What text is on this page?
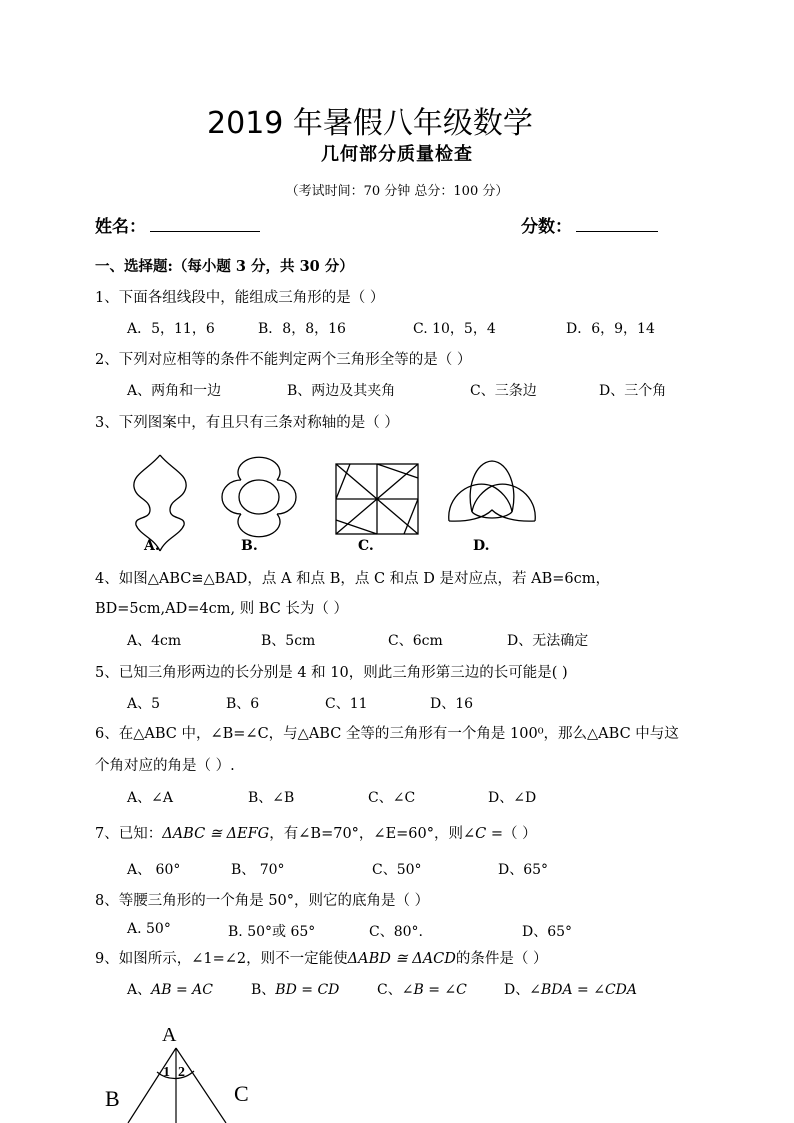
2019 年暑假八年级数学
几何部分质量检查
（考试时间：70 分钟 总分：100 分）
姓名：	分数：
一、选择题:（每小题 3 分，共 30 分）
1、下面各组线段中，能组成三角形的是（ ）
A．5，11，6	B．8，8，16	C. 10，5，4	D．6，9，14
2、下列对应相等的条件不能判定两个三角形全等的是（ ）
A、两角和一边	B、两边及其夹角	C、三条边	D、三个角
3、下列图案中，有且只有三条对称轴的是（ ）
A.	B.	C.	D.
4、如图△ABC≌△BAD，点 A 和点 B，点 C 和点 D 是对应点，若 AB=6cm，
BD=5cm,AD=4cm, 则 BC 长为（ ）
A、4cm	B、5cm	C、6cm	D、无法确定
5、已知三角形两边的长分别是 4 和 10，则此三角形第三边的长可能是( )
A、5	B、6	C、11	D、16
6、在△ABC 中，∠B=∠C，与△ABC 全等的三角形有一个角是 100⁰，那么△ABC 中与这
个角对应的角是（ ）.
A、∠A	B、∠B	C、∠C	D、∠D
7、已知：ΔABC ≅ ΔEFG，有∠B=70°，∠E=60°，则∠C =（ ）
A、 60°	B、 70°	C、50°	D、65°
8、等腰三角形的一个角是 50°，则它的底角是（ ）
A. 50°	B. 50°或 65°	C、80°.	D、65°
9、如图所示，∠1=∠2，则不一定能使ΔABD ≅ ΔACD的条件是（ ）
A、AB = AC	B、BD = CD	C、∠B = ∠C	D、∠BDA = ∠CDA
A
B	C
1 2
